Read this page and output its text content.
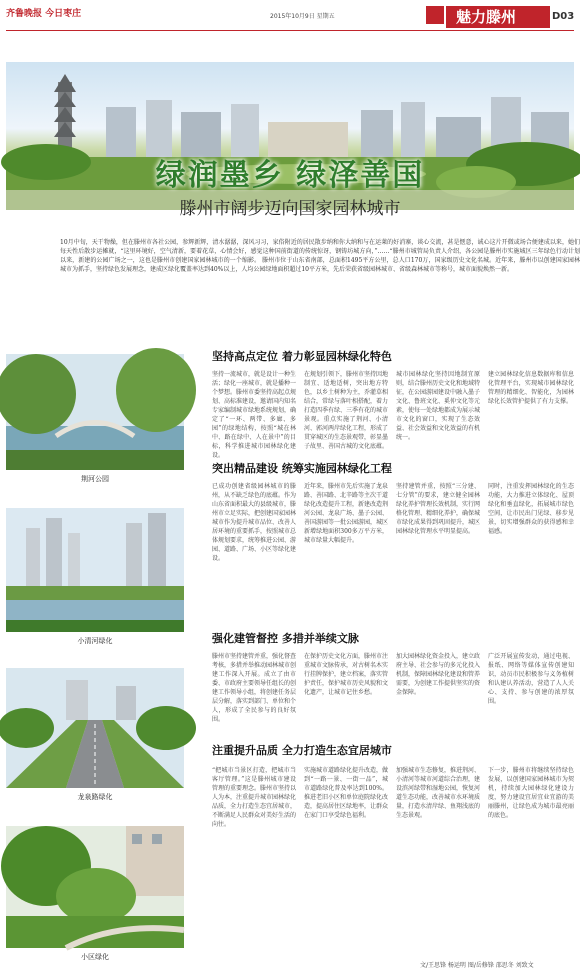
齐鲁晚报 今日枣庄	2015年10月9日 星期五	魅力滕州	D03
绿润墨乡 绿泽善国
滕州市阔步迈向国家园林城市
10月中旬，天干物燥，但在滕州市各社公园，参辉新辉，清水潺潺，深风习习，家俗附近的居民散步纳和你大纳和与在运莱的好消寨，谈心交流，甚是惬意，诚心这片开微或场合便建成以来，她们每天性后散步运摊就，“这里环境好，空气清新，要着花草，心情会好，感觉这种国前街道的传统惊讶，钢铸坊城方向，”……“滕州市城管局负责人介绍，各公园是滕州市实施城区三年绿色行动计划以来，新建的公园广场之一，这也是滕州市创建国家园林城市的一个缩影。 滕州市位于山东省南部，总面积1495平方公里，总人口170万，国家级历史文化名城。近年来，滕州市以创建国家园林城市为抓手，坚持绿色发展理念，建成区绿化覆盖率达到40%以上，人均公园绿地面积超过10平方米，先后荣获省级园林城市、省级森林城市等称号，城市面貌焕然一新。
荆河公园
小清河绿化
龙泉路绿化
小区绿化
坚持高点定位 着力彰显园林绿化特色
坚持一流城市，就是设计一种生活；绿化一座城市，就是播种一个梦想。滕州市委坚持高起点规划、高标准建设，邀请国内知名专家编制城市绿地系统规划，确定了“一环、两带、多廊、多园”的绿地结构，按照“城在林中、路在绿中、人在景中”的目标，科学推进城市园林绿化建设。
在规划引领下，滕州市坚持因地制宜、适地适树，突出地方特色，以乡土树种为主，乔灌草相结合，常绿与落叶相搭配，着力打造四季有绿、三季有花的城市景观。重点实施了荆河、小清河、郭河两岸绿化工程，形成了贯穿城区的生态景观带，彰显墨子故里、善国古城的文化底蕴。
城市园林绿化坚持因地制宜原则，结合滕州历史文化和地域特征，在公园游园建设中融入墨子文化、鲁班文化、奚仲文化等元素，使每一处绿地都成为展示城市文化的窗口，实现了生态效益、社会效益和文化效益的有机统一。
建立园林绿化信息数据库和信息化管理平台，实现城市园林绿化管理的精细化、智能化，为园林绿化长效管护提供了有力支撑。
突出精品建设 统筹实施园林绿化工程
已成功创建省级园林城市的滕州，从不缺乏绿色的底蕴。作为山东省面积最大的县级城市，滕州市立足实际，把创建国家园林城市作为提升城市品位、改善人居环境的重要抓手，按照城市总体规划要求，统筹推进公园、游园、道路、广场、小区等绿化建设。
近年来，滕州市先后实施了龙泉路、善国路、北辛路等主次干道绿化改造提升工程，新建改造荆河公园、龙泉广场、墨子公园、善国游园等一批公园游园，城区新增绿地面积300多万平方米，城市绿量大幅提升。
坚持建管并重，按照“三分建、七分管”的要求，建立健全园林绿化养护管理长效机制，实行网格化管理、精细化养护，确保城市绿化成果得到巩固提升，城区园林绿化管理水平明显提高。
同时，注重发挥园林绿化的生态功能，大力推进立体绿化、屋顶绿化和垂直绿化，拓展城市绿色空间，让市民出门见绿、移步见景，切实增强群众的获得感和幸福感。
强化建管督控 多措并举续文脉
滕州市坚持建管并重，强化督查考核，多措并举推动园林城市创建工作深入开展。成立了由市委、市政府主要领导任组长的创建工作领导小组，将创建任务层层分解，落实到部门、单位和个人，形成了全民参与的良好氛围。
在保护历史文化方面，滕州市注重城市文脉传承，对古树名木实行挂牌保护，建立档案，落实管护责任，保护城市历史风貌和文化遗产，让城市记住乡愁。
加大园林绿化资金投入，建立政府主导、社会参与的多元化投入机制，保障园林绿化建设和管养需要，为创建工作提供坚实的资金保障。
广泛开展宣传发动，通过电视、报纸、网络等媒体宣传创建知识，动员市民积极参与义务植树和认建认养活动，营造了人人关心、支持、参与创建的浓厚氛围。
注重提升品质 全力打造生态宜居城市
“把城市当景区打造，把城市当客厅管理。”这是滕州城市建设管理的重要理念。滕州市坚持以人为本，注重提升城市园林绿化品质，全力打造生态宜居城市，不断满足人民群众对美好生活的向往。
实施城市道路绿化提升改造，做到“一路一景、一街一品”，城市道路绿化普及率达到100%。推进老旧小区和单位庭院绿化改造，提高居住区绿地率，让群众在家门口享受绿色福利。
加强城市生态修复，推进荆河、小清河等城市河道综合治理，建设滨河绿带和湿地公园，恢复河道生态功能，改善城市水环境质量，打造水清岸绿、鱼翔浅底的生态景观。
下一步，滕州市将继续坚持绿色发展，以创建国家园林城市为契机，持续加大园林绿化建设力度，努力建设宜居宜业宜游的美丽滕州，让绿色成为城市最亮丽的底色。
文/王思锋 杨运明 图/岳修锋 邵思冬 刘致文
